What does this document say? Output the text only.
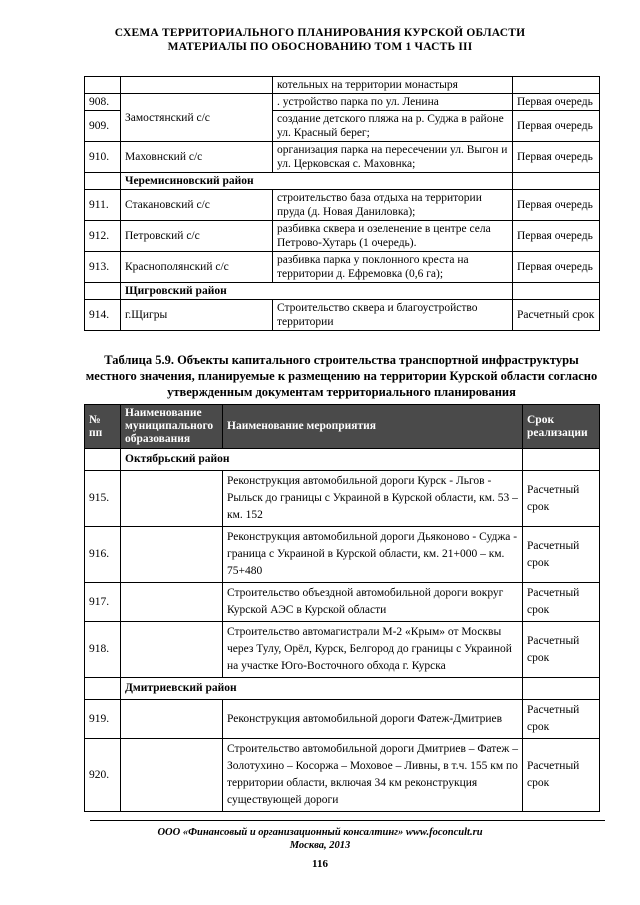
СХЕМА ТЕРРИТОРИАЛЬНОГО ПЛАНИРОВАНИЯ КУРСКОЙ ОБЛАСТИ
МАТЕРИАЛЫ ПО ОБОСНОВАНИЮ ТОМ 1 ЧАСТЬ III
		котельных на территории монастыря	
908.	Замостянский с/с	. устройство парка по ул. Ленина	Первая очередь
909.		создание детского пляжа на р. Суджа в районе ул. Красный берег;	Первая очередь
910.	Маховнский с/с	организация парка на пересечении ул. Выгон и ул. Церковская с. Маховнка;	Первая очередь
	Черемисиновский район		
911.	Стакановский с/с	строительство база отдыха на территории пруда (д. Новая Даниловка);	Первая очередь
912.	Петровский с/с	разбивка сквера и озеленение в центре села Петрово-Хутарь (1 очередь).	Первая очередь
913.	Краснополянский с/с	разбивка парка у поклонного креста на территории д. Ефремовка (0,6 га);	Первая очередь
	Щигровский район		
914.	г.Щигры	Строительство сквера и благоустройство территории	Расчетный срок
Таблица 5.9. Объекты капитального строительства транспортной инфраструктуры местного значения, планируемые к размещению на территории Курской области согласно утвержденным документам территориального планирования
№ пп	Наименование муниципального образования	Наименование мероприятия	Срок реализации
	Октябрьский район		
915.		Реконструкция автомобильной дороги Курск - Льгов - Рыльск до границы с Украиной в Курской области, км. 53 – км. 152	Расчетный срок
916.		Реконструкция автомобильной дороги Дьяконово - Суджа - граница с Украиной в Курской области, км. 21+000 – км. 75+480	Расчетный срок
917.		Строительство объездной автомобильной дороги вокруг Курской АЭС в Курской области	Расчетный срок
918.		Строительство автомагистрали М-2 «Крым» от Москвы через Тулу, Орёл, Курск, Белгород до границы с Украиной на участке Юго-Восточного обхода г. Курска	Расчетный срок
	Дмитриевский район		
919.		Реконструкция автомобильной дороги Фатеж-Дмитриев	Расчетный срок
920.		Строительство автомобильной дороги Дмитриев – Фатеж – Золотухино – Косоржа – Моховое – Ливны, в т.ч. 155 км по территории области, включая 34 км реконструкция существующей дороги	Расчетный срок
ООО «Финансовый и организационный консалтинг» www.foconcult.ru
Москва, 2013
116
